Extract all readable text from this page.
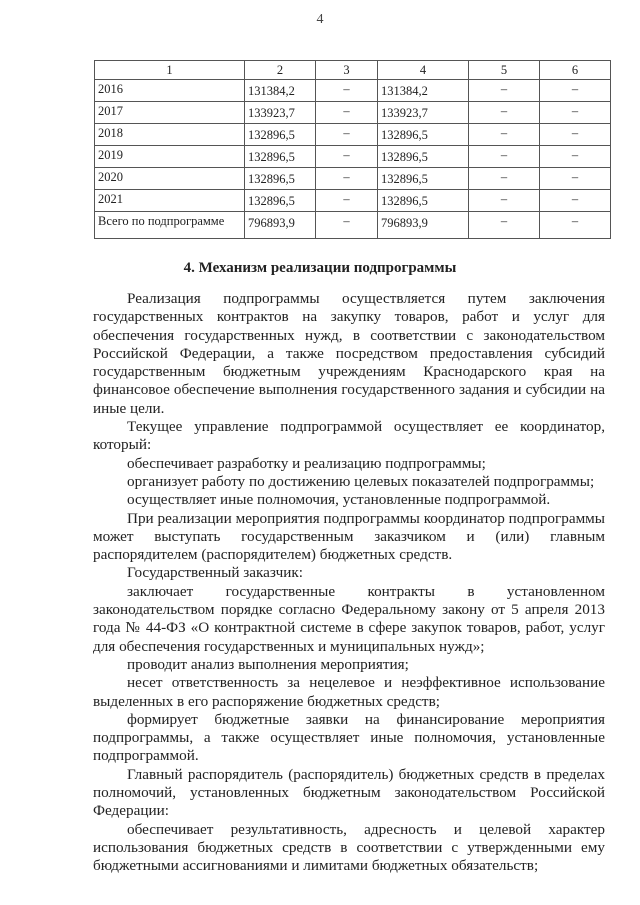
4
1	2	3	4	5	6
2016	131384,2	–	131384,2	–	–
2017	133923,7	–	133923,7	–	–
2018	132896,5	–	132896,5	–	–
2019	132896,5	–	132896,5	–	–
2020	132896,5	–	132896,5	–	–
2021	132896,5	–	132896,5	–	–
Всего по подпрограмме	796893,9	–	796893,9	–	–
4. Механизм реализации подпрограммы

Реализация подпрограммы осуществляется путем заключения государственных контрактов на закупку товаров, работ и услуг для обеспечения государственных нужд, в соответствии с законодательством Российской Федерации, а также посредством предоставления субсидий государственным бюджетным учреждениям Краснодарского края на финансовое обеспечение выполнения государственного задания и субсидии на иные цели.

Текущее управление подпрограммой осуществляет ее координатор, который:

обеспечивает разработку и реализацию подпрограммы;

организует работу по достижению целевых показателей подпрограммы;

осуществляет иные полномочия, установленные подпрограммой.

При реализации мероприятия подпрограммы координатор подпрограммы может выступать государственным заказчиком и (или) главным распорядителем (распорядителем) бюджетных средств.

Государственный заказчик:

заключает государственные контракты в установленном законодательством порядке согласно Федеральному закону от 5 апреля 2013 года № 44-ФЗ «О контрактной системе в сфере закупок товаров, работ, услуг для обеспечения государственных и муниципальных нужд»;

проводит анализ выполнения мероприятия;

несет ответственность за нецелевое и неэффективное использование выделенных в его распоряжение бюджетных средств;

формирует бюджетные заявки на финансирование мероприятия подпрограммы, а также осуществляет иные полномочия, установленные подпрограммой.

Главный распорядитель (распорядитель) бюджетных средств в пределах полномочий, установленных бюджетным законодательством Российской Федерации:

обеспечивает результативность, адресность и целевой характер использования бюджетных средств в соответствии с утвержденными ему бюджетными ассигнованиями и лимитами бюджетных обязательств;
